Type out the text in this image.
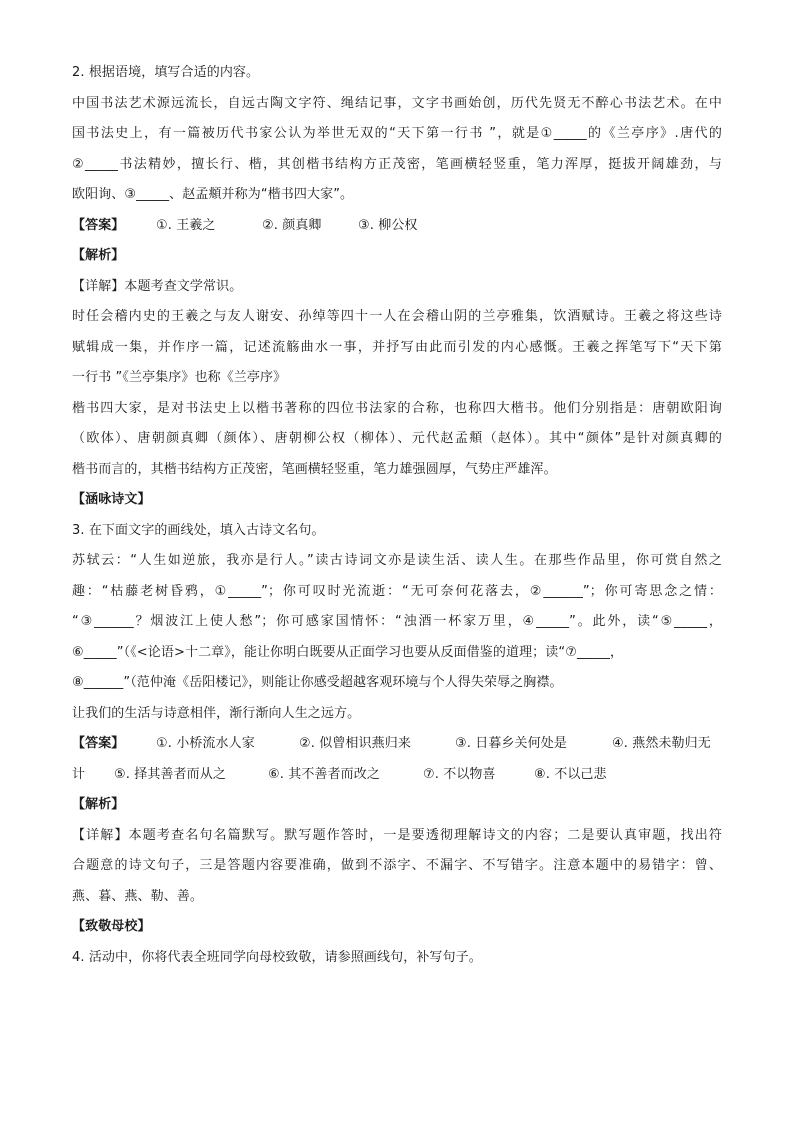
2. 根据语境，填写合适的内容。
中国书法艺术源远流长，自远古陶文字符、绳结记事，文字书画始创，历代先贤无不醉心书法艺术。在中
国书法史上，有一篇被历代书家公认为举世无双的“天下第一行书 ”，就是①_____的《兰亭序》.唐代的
②_____书法精妙，擅长行、楷，其创楷书结构方正茂密，笔画横轻竖重，笔力浑厚，挺拔开阔雄劲，与
欧阳询、③_____、赵孟頫并称为“楷书四大家”。
【答案】 ①. 王羲之	②. 颜真卿	③. 柳公权
【解析】
【详解】本题考查文学常识。
时任会稽内史的王羲之与友人谢安、孙绰等四十一人在会稽山阴的兰亭雅集，饮酒赋诗。王羲之将这些诗
赋辑成一集，并作序一篇，记述流觞曲水一事，并抒写由此而引发的内心感慨。王羲之挥笔写下“天下第
一行书 ”《兰亭集序》也称《兰亭序》
楷书四大家，是对书法史上以楷书著称的四位书法家的合称，也称四大楷书。他们分别指是：唐朝欧阳询
（欧体）、唐朝颜真卿（颜体）、唐朝柳公权（柳体）、元代赵孟頫（赵体）。其中“颜体”是针对颜真卿的
楷书而言的，其楷书结构方正茂密，笔画横轻竖重，笔力雄强圆厚，气势庄严雄浑。
【涵咏诗文】
3. 在下面文字的画线处，填入古诗文名句。
苏轼云：“人生如逆旅，我亦是行人。”读古诗词文亦是读生活、读人生。在那些作品里，你可赏自然之
趣：“枯藤老树昏鸦，①_____”；你可叹时光流逝：“无可奈何花落去，②______”；你可寄思念之情：
“③______？烟波江上使人愁”；你可感家国情怀：“浊酒一杯家万里，④_____”。此外，读“⑤_____，
⑥_____”（《<论语>十二章》，能让你明白既要从正面学习也要从反面借鉴的道理；读“⑦_____，
⑧______”（范仲淹《岳阳楼记》，则能让你感受超越客观环境与个人得失荣辱之胸襟。
让我们的生活与诗意相伴，渐行渐向人生之远方。
【答案】 ①. 小桥流水人家	②. 似曾相识燕归来	③. 日暮乡关何处是	④. 燕然未勒归无
计 ⑤. 择其善者而从之	⑥. 其不善者而改之	⑦. 不以物喜	⑧. 不以己悲
【解析】
【详解】本题考查名句名篇默写。默写题作答时，一是要透彻理解诗文的内容；二是要认真审题，找出符
合题意的诗文句子，三是答题内容要准确，做到不添字、不漏字、不写错字。注意本题中的易错字：曾、
燕、暮、燕、勒、善。
【致敬母校】
4. 活动中，你将代表全班同学向母校致敬，请参照画线句，补写句子。
